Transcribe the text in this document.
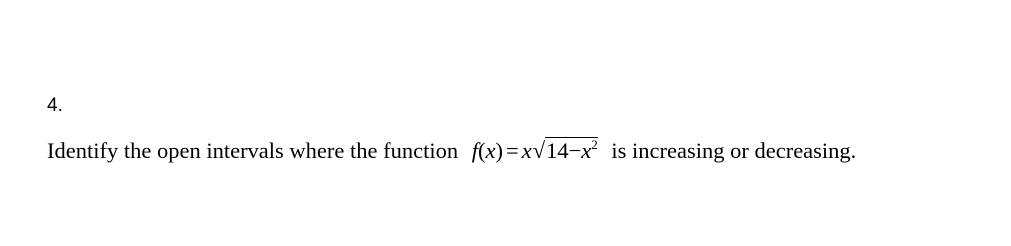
4.
Identify the open intervals where the function $f(x) = x√14-x^2$ is increasing or decreasing.
